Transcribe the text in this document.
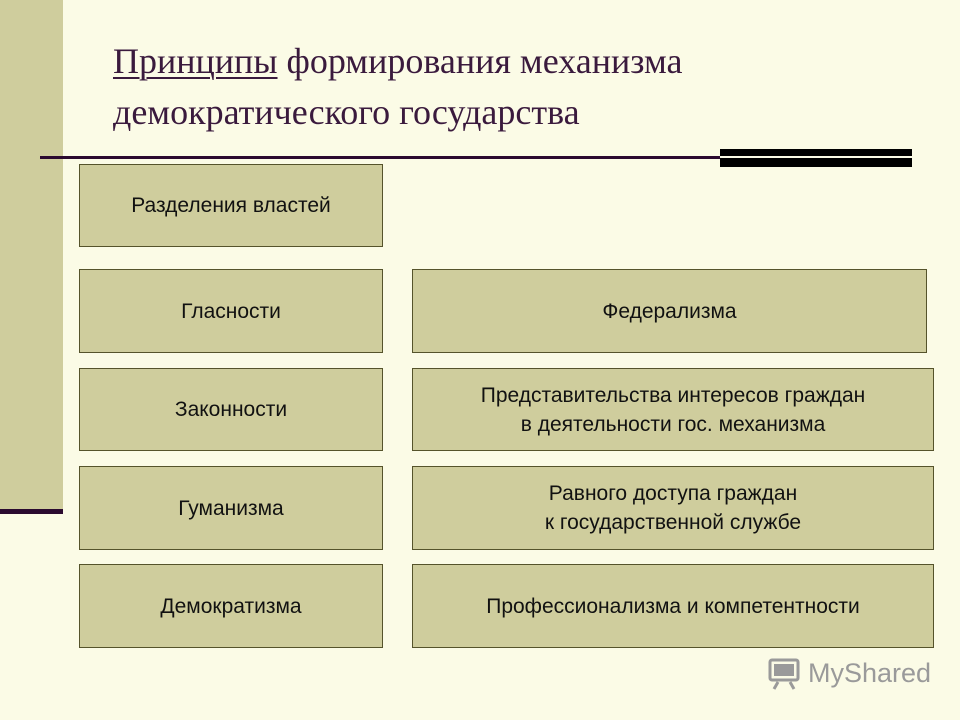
Принципы формирования механизма демократического государства
Разделения властей
Гласности	Федерализма
Законности
Представительства интересов граждан
в деятельности гос. механизма
Гуманизма
Равного доступа граждан
к государственной службе
Демократизма	Профессионализма и компетентности
MyShared
